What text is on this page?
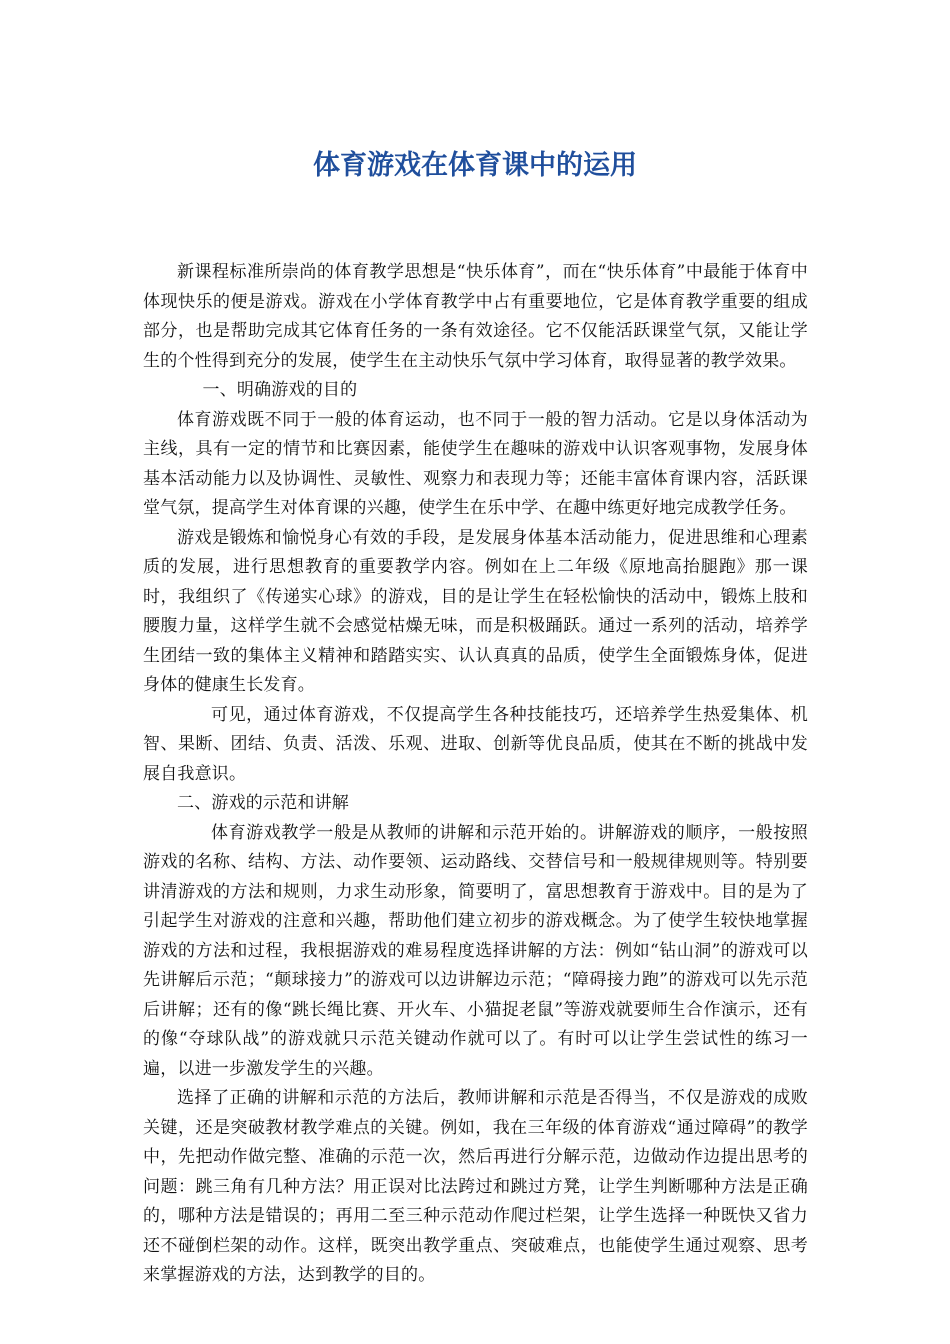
体育游戏在体育课中的运用

新课程标准所崇尚的体育教学思想是“快乐体育”，而在“快乐体育”中最能于体育中体现快乐的便是游戏。游戏在小学体育教学中占有重要地位，它是体育教学重要的组成部分，也是帮助完成其它体育任务的一条有效途径。它不仅能活跃课堂气氛，又能让学生的个性得到充分的发展，使学生在主动快乐气氛中学习体育，取得显著的教学效果。

一、明确游戏的目的

体育游戏既不同于一般的体育运动，也不同于一般的智力活动。它是以身体活动为主线，具有一定的情节和比赛因素，能使学生在趣味的游戏中认识客观事物，发展身体基本活动能力以及协调性、灵敏性、观察力和表现力等；还能丰富体育课内容，活跃课堂气氛，提高学生对体育课的兴趣，使学生在乐中学、在趣中练更好地完成教学任务。

游戏是锻炼和愉悦身心有效的手段，是发展身体基本活动能力，促进思维和心理素质的发展，进行思想教育的重要教学内容。例如在上二年级《原地高抬腿跑》那一课时，我组织了《传递实心球》的游戏，目的是让学生在轻松愉快的活动中，锻炼上肢和腰腹力量，这样学生就不会感觉枯燥无味，而是积极踊跃。通过一系列的活动，培养学生团结一致的集体主义精神和踏踏实实、认认真真的品质，使学生全面锻炼身体，促进身体的健康生长发育。

可见，通过体育游戏，不仅提高学生各种技能技巧，还培养学生热爱集体、机智、果断、团结、负责、活泼、乐观、进取、创新等优良品质，使其在不断的挑战中发展自我意识。

二、游戏的示范和讲解

体育游戏教学一般是从教师的讲解和示范开始的。讲解游戏的顺序，一般按照游戏的名称、结构、方法、动作要领、运动路线、交替信号和一般规律规则等。特别要讲清游戏的方法和规则，力求生动形象，简要明了，富思想教育于游戏中。目的是为了引起学生对游戏的注意和兴趣，帮助他们建立初步的游戏概念。为了使学生较快地掌握游戏的方法和过程，我根据游戏的难易程度选择讲解的方法：例如“钻山洞”的游戏可以先讲解后示范；“颠球接力”的游戏可以边讲解边示范；“障碍接力跑”的游戏可以先示范后讲解；还有的像“跳长绳比赛、开火车、小猫捉老鼠”等游戏就要师生合作演示，还有的像“夺球队战”的游戏就只示范关键动作就可以了。有时可以让学生尝试性的练习一遍，以进一步激发学生的兴趣。

选择了正确的讲解和示范的方法后，教师讲解和示范是否得当，不仅是游戏的成败关键，还是突破教材教学难点的关键。例如，我在三年级的体育游戏“通过障碍”的教学中，先把动作做完整、准确的示范一次，然后再进行分解示范，边做动作边提出思考的问题：跳三角有几种方法？用正误对比法跨过和跳过方凳，让学生判断哪种方法是正确的，哪种方法是错误的；再用二至三种示范动作爬过栏架，让学生选择一种既快又省力还不碰倒栏架的动作。这样，既突出教学重点、突破难点，也能使学生通过观察、思考来掌握游戏的方法，达到教学的目的。
